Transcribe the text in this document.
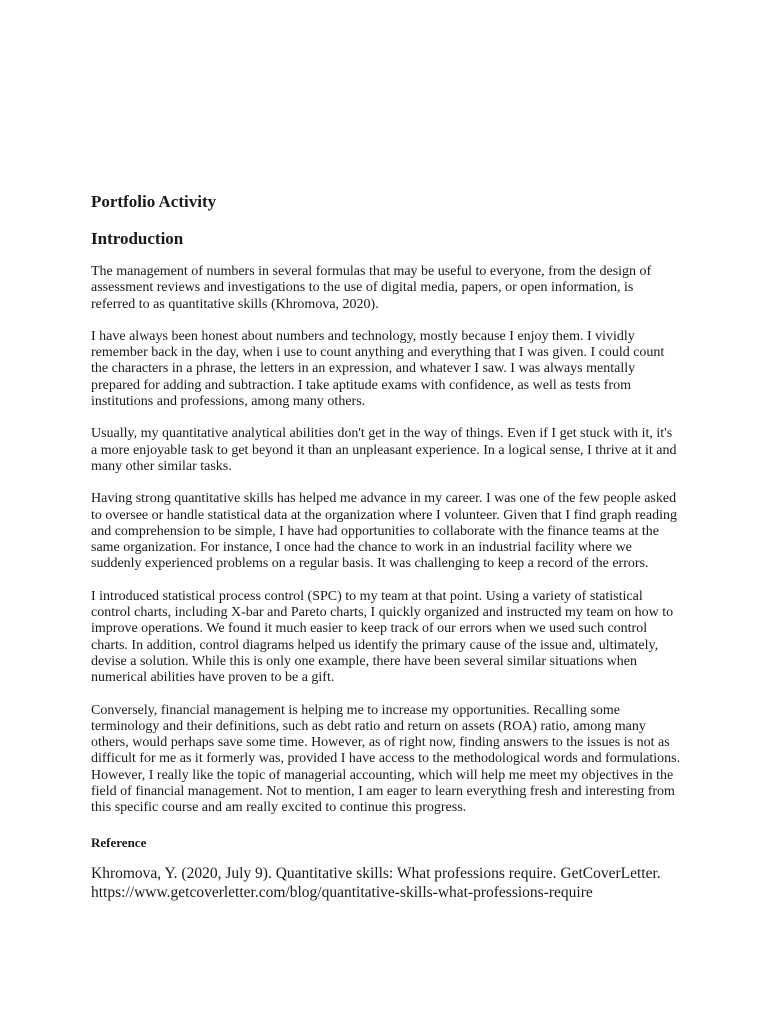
Portfolio Activity
Introduction

The management of numbers in several formulas that may be useful to everyone, from the design of assessment reviews and investigations to the use of digital media, papers, or open information, is referred to as quantitative skills (Khromova, 2020).

I have always been honest about numbers and technology, mostly because I enjoy them. I vividly remember back in the day, when i use to count anything and everything that I was given. I could count the characters in a phrase, the letters in an expression, and whatever I saw. I was always mentally prepared for adding and subtraction. I take aptitude exams with confidence, as well as tests from institutions and professions, among many others.

Usually, my quantitative analytical abilities don't get in the way of things. Even if I get stuck with it, it's a more enjoyable task to get beyond it than an unpleasant experience. In a logical sense, I thrive at it and many other similar tasks.

Having strong quantitative skills has helped me advance in my career. I was one of the few people asked to oversee or handle statistical data at the organization where I volunteer. Given that I find graph reading and comprehension to be simple, I have had opportunities to collaborate with the finance teams at the same organization. For instance, I once had the chance to work in an industrial facility where we suddenly experienced problems on a regular basis. It was challenging to keep a record of the errors.

I introduced statistical process control (SPC) to my team at that point. Using a variety of statistical control charts, including X-bar and Pareto charts, I quickly organized and instructed my team on how to improve operations. We found it much easier to keep track of our errors when we used such control charts. In addition, control diagrams helped us identify the primary cause of the issue and, ultimately, devise a solution. While this is only one example, there have been several similar situations when numerical abilities have proven to be a gift.

Conversely, financial management is helping me to increase my opportunities. Recalling some terminology and their definitions, such as debt ratio and return on assets (ROA) ratio, among many others, would perhaps save some time. However, as of right now, finding answers to the issues is not as difficult for me as it formerly was, provided I have access to the methodological words and formulations. However, I really like the topic of managerial accounting, which will help me meet my objectives in the field of financial management. Not to mention, I am eager to learn everything fresh and interesting from this specific course and am really excited to continue this progress.

Reference

Khromova, Y. (2020, July 9). Quantitative skills: What professions require. GetCoverLetter. https://www.getcoverletter.com/blog/quantitative-skills-what-professions-require
